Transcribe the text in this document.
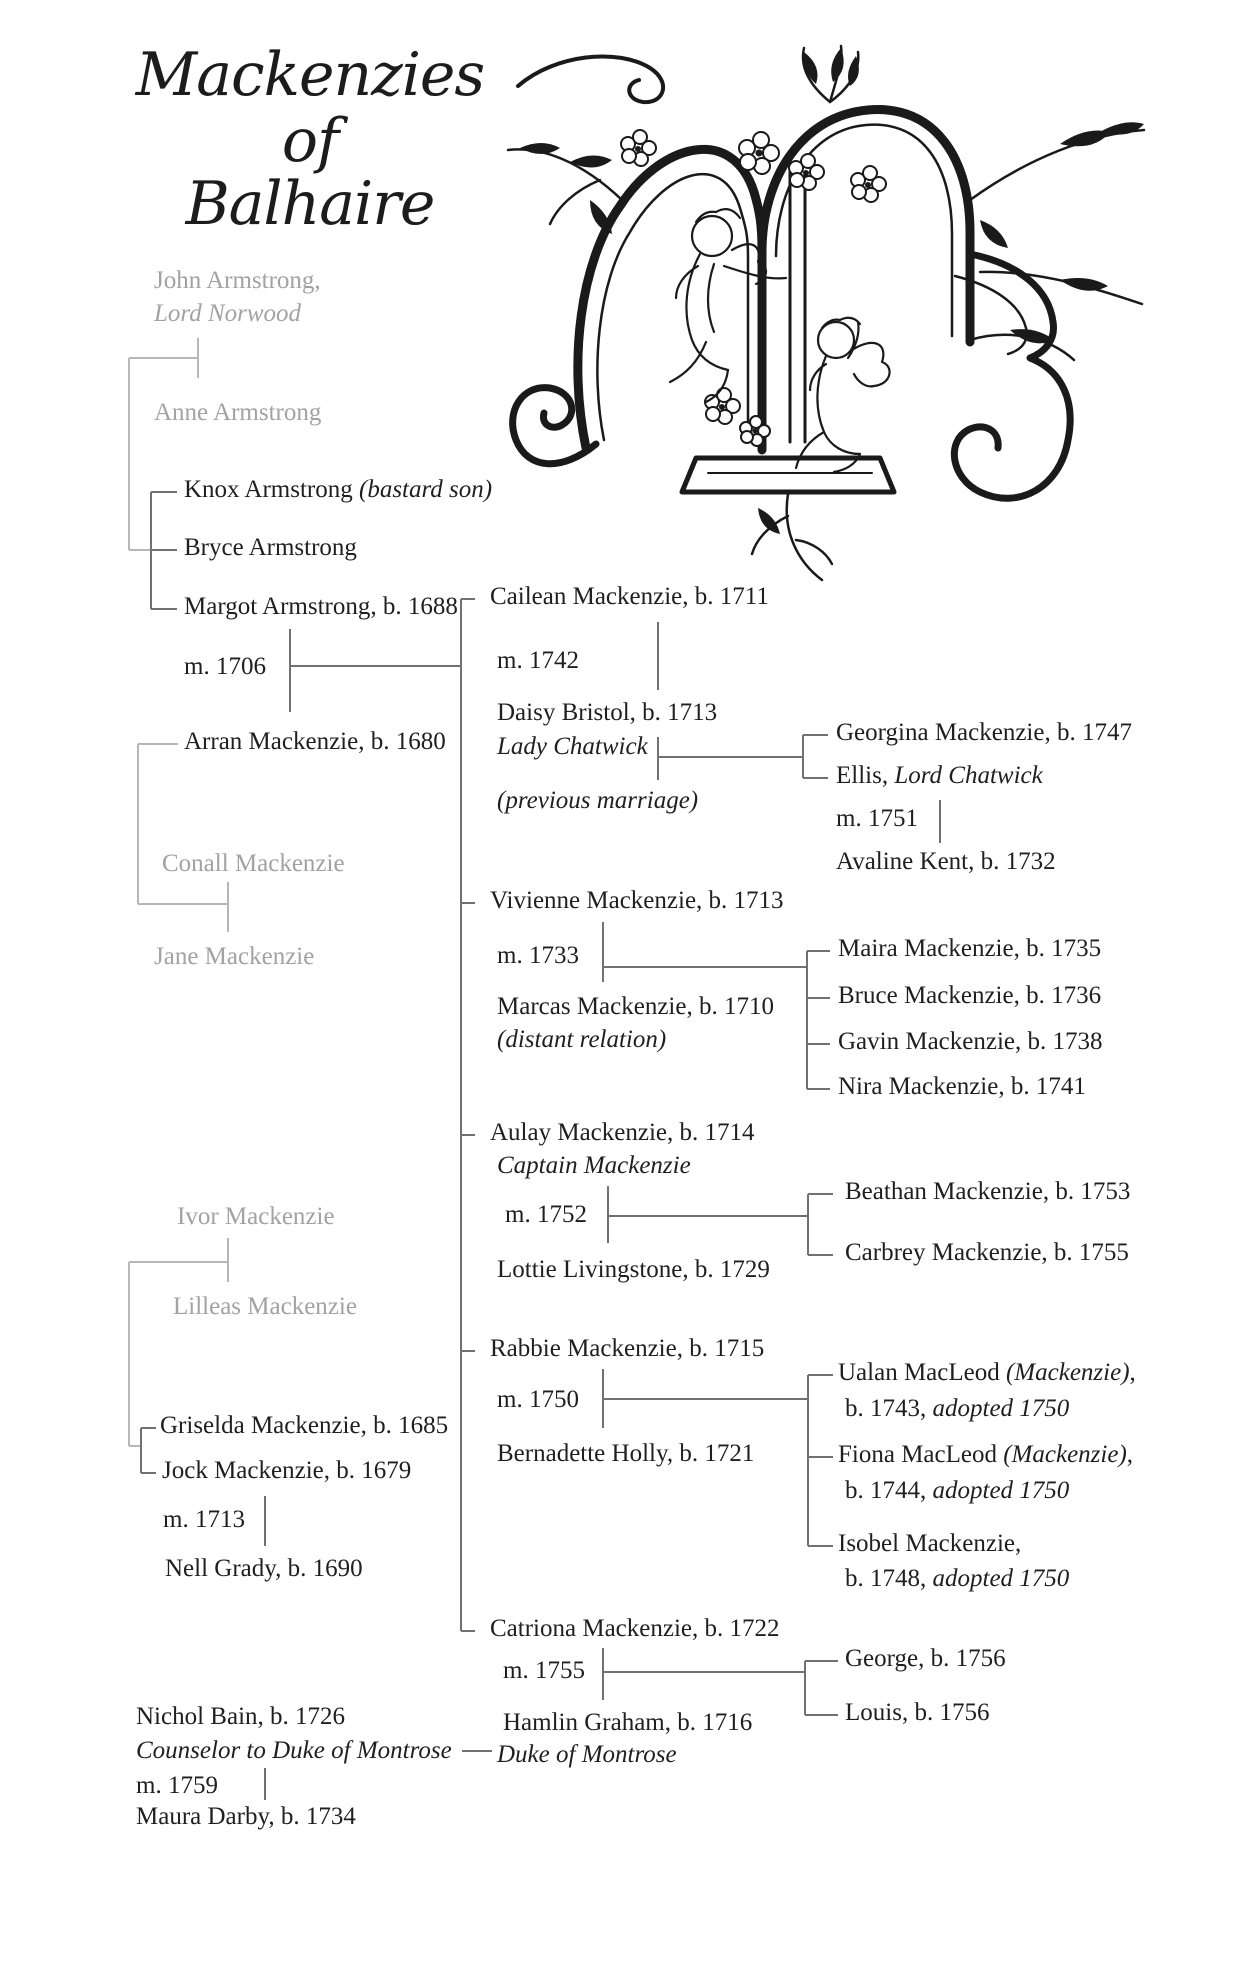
Mackenzies of
Balhaire
John Armstrong,
Lord Norwood
Anne Armstrong
Knox Armstrong (bastard son)
Bryce Armstrong
Margot Armstrong, b. 1688
m. 1706
Arran Mackenzie, b. 1680
Conall Mackenzie
Jane Mackenzie
Ivor Mackenzie
Lilleas Mackenzie
Griselda Mackenzie, b. 1685
Jock Mackenzie, b. 1679
m. 1713
Nell Grady, b. 1690
Nichol Bain, b. 1726
Counselor to Duke of Montrose
m. 1759
Maura Darby, b. 1734
Cailean Mackenzie, b. 1711
m. 1742
Daisy Bristol, b. 1713
Lady Chatwick
(previous marriage)
Vivienne Mackenzie, b. 1713
m. 1733
Marcas Mackenzie, b. 1710
(distant relation)
Aulay Mackenzie, b. 1714
Captain Mackenzie
m. 1752
Lottie Livingstone, b. 1729
Rabbie Mackenzie, b. 1715
m. 1750
Bernadette Holly, b. 1721
Catriona Mackenzie, b. 1722
m. 1755
Hamlin Graham, b. 1716
Duke of Montrose
Georgina Mackenzie, b. 1747
Ellis, Lord Chatwick
m. 1751
Avaline Kent, b. 1732
Maira Mackenzie, b. 1735
Bruce Mackenzie, b. 1736
Gavin Mackenzie, b. 1738
Nira Mackenzie, b. 1741
Beathan Mackenzie, b. 1753
Carbrey Mackenzie, b. 1755
Ualan MacLeod (Mackenzie),
b. 1743, adopted 1750
Fiona MacLeod (Mackenzie),
b. 1744, adopted 1750
Isobel Mackenzie,
b. 1748, adopted 1750
George, b. 1756
Louis, b. 1756
